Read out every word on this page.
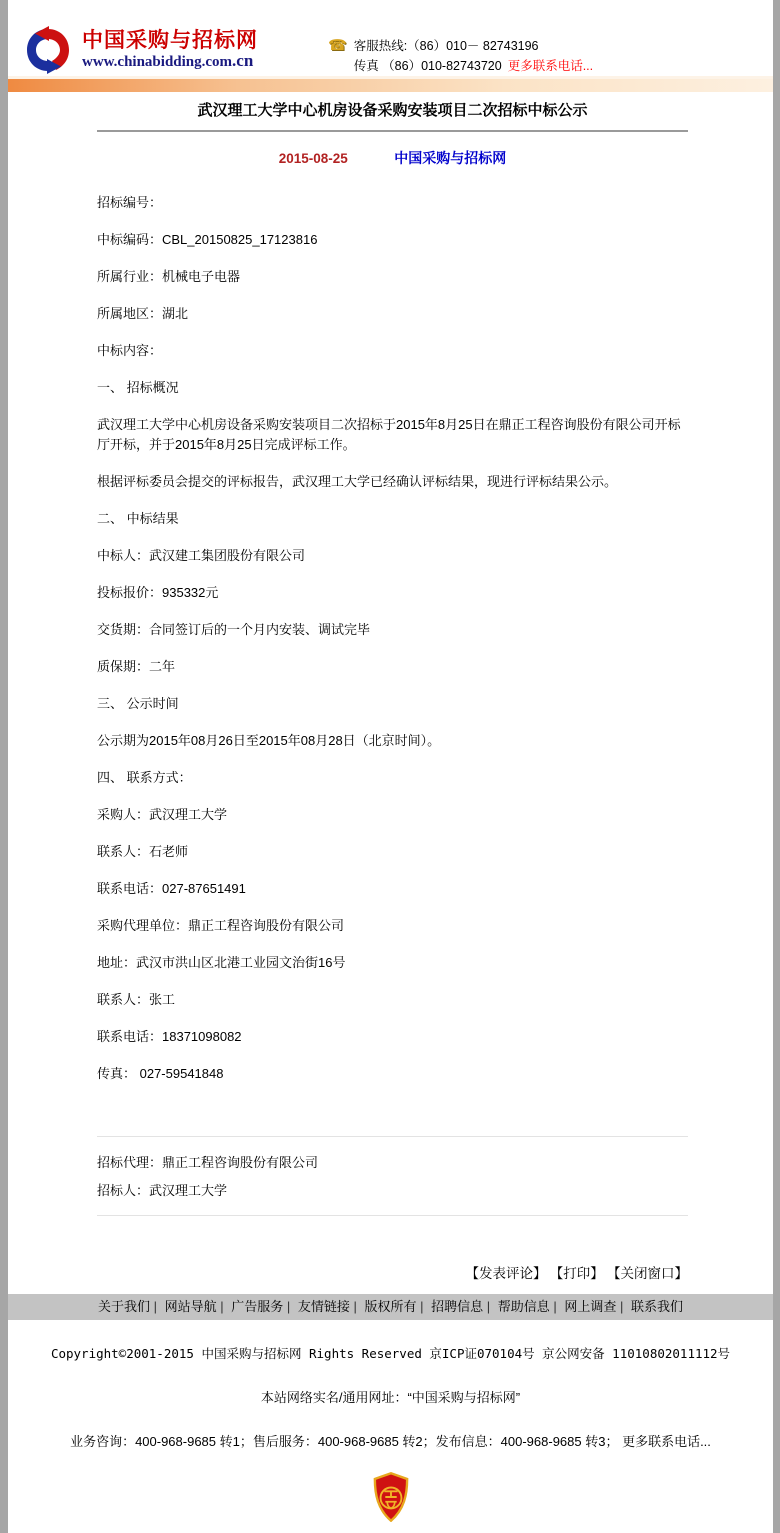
中国采购与招标网
www.chinabidding.com.cn
☎ 客服热线:（86）010－ 82743196
传真 （86）010-82743720 更多联系电话...
武汉理工大学中心机房设备采购安装项目二次招标中标公示
2015-08-25	中国采购与招标网

招标编号：

中标编码：CBL_20150825_17123816

所属行业：机械电子电器

所属地区：湖北

中标内容：

一、 招标概况

武汉理工大学中心机房设备采购安装项目二次招标于2015年8月25日在鼎正工程咨询股份有限公司开标厅开标，并于2015年8月25日完成评标工作。

根据评标委员会提交的评标报告，武汉理工大学已经确认评标结果，现进行评标结果公示。

二、 中标结果

中标人：武汉建工集团股份有限公司

投标报价：935332元

交货期：合同签订后的一个月内安装、调试完毕

质保期：二年

三、 公示时间

公示期为2015年08月26日至2015年08月28日（北京时间）。

四、 联系方式：

采购人：武汉理工大学

联系人：石老师

联系电话：027-87651491

采购代理单位：鼎正工程咨询股份有限公司

地址：武汉市洪山区北港工业园文治街16号

联系人：张工

联系电话：18371098082

传真： 027-59541848

招标代理：鼎正工程咨询股份有限公司

招标人：武汉理工大学

【发表评论】 【打印】 【关闭窗口】
关于我们 | 网站导航 | 广告服务 | 友情链接 | 版权所有 | 招聘信息 | 帮助信息 | 网上调查 | 联系我们
Copyright©2001-2015 中国采购与招标网 Rights Reserved 京ICP证070104号 京公网安备 11010802011112号
本站网络实名/通用网址：“中国采购与招标网”
业务咨询：400-968-9685 转1；售后服务：400-968-9685 转2；发布信息：400-968-9685 转3； 更多联系电话...
